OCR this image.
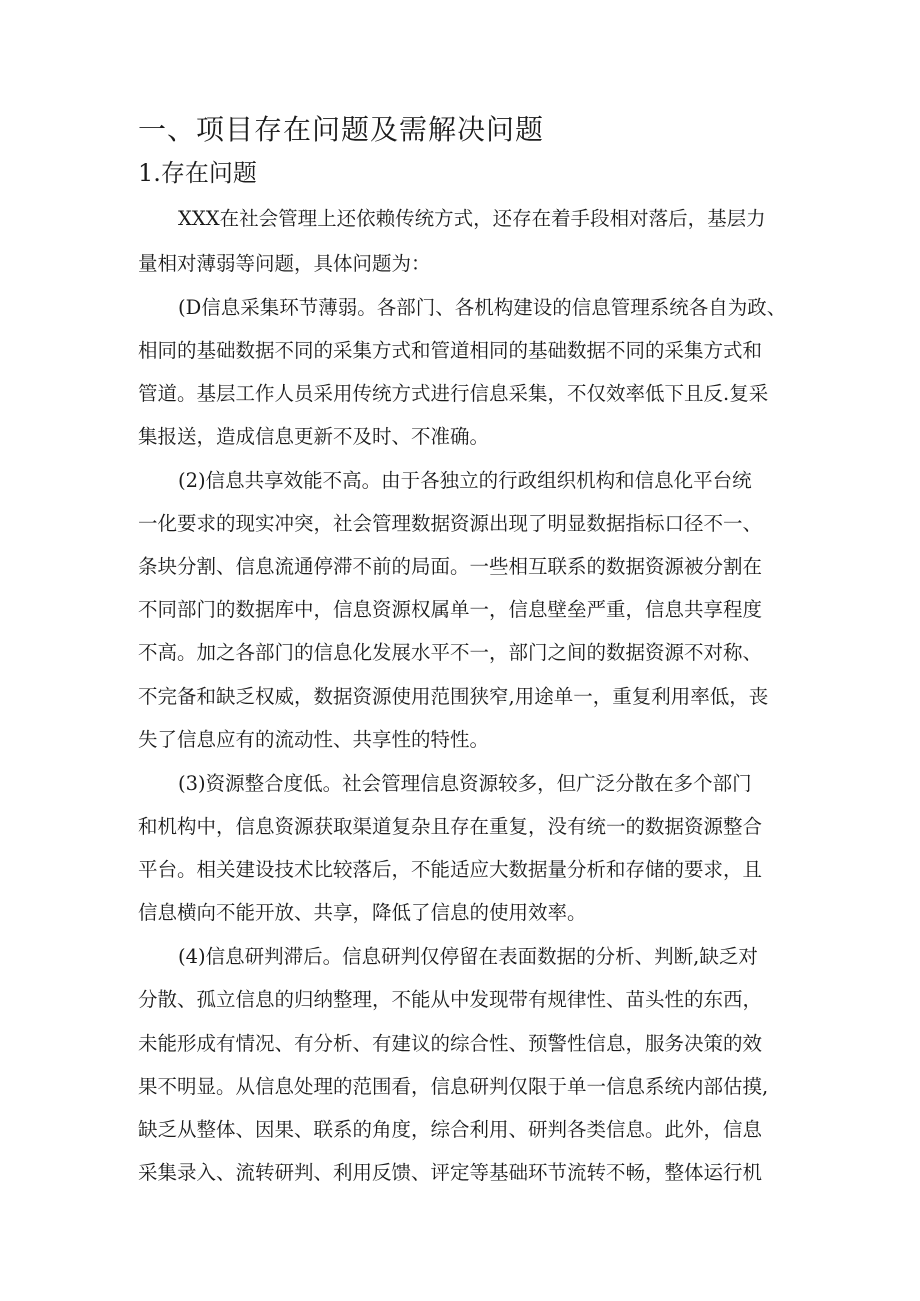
一、项目存在问题及需解决问题
1.存在问题
XXX在社会管理上还依赖传统方式，还存在着手段相对落后，基层力
量相对薄弱等问题，具体问题为：
(D信息采集环节薄弱。各部门、各机构建设的信息管理系统各自为政、
相同的基础数据不同的采集方式和管道相同的基础数据不同的采集方式和
管道。基层工作人员采用传统方式进行信息采集，不仅效率低下且反.复采
集报送，造成信息更新不及时、不准确。
(2)信息共享效能不高。由于各独立的行政组织机构和信息化平台统
一化要求的现实冲突，社会管理数据资源出现了明显数据指标口径不一、
条块分割、信息流通停滞不前的局面。一些相互联系的数据资源被分割在
不同部门的数据库中，信息资源权属单一，信息壁垒严重，信息共享程度
不高。加之各部门的信息化发展水平不一，部门之间的数据资源不对称、
不完备和缺乏权威，数据资源使用范围狭窄,用途单一，重复利用率低，丧
失了信息应有的流动性、共享性的特性。
(3)资源整合度低。社会管理信息资源较多，但广泛分散在多个部门
和机构中，信息资源获取渠道复杂且存在重复，没有统一的数据资源整合
平台。相关建设技术比较落后，不能适应大数据量分析和存储的要求，且
信息横向不能开放、共享，降低了信息的使用效率。
(4)信息研判滞后。信息研判仅停留在表面数据的分析、判断,缺乏对
分散、孤立信息的归纳整理，不能从中发现带有规律性、苗头性的东西，
未能形成有情况、有分析、有建议的综合性、预警性信息，服务决策的效
果不明显。从信息处理的范围看，信息研判仅限于单一信息系统内部估摸,
缺乏从整体、因果、联系的角度，综合利用、研判各类信息。此外，信息
采集录入、流转研判、利用反馈、评定等基础环节流转不畅，整体运行机
